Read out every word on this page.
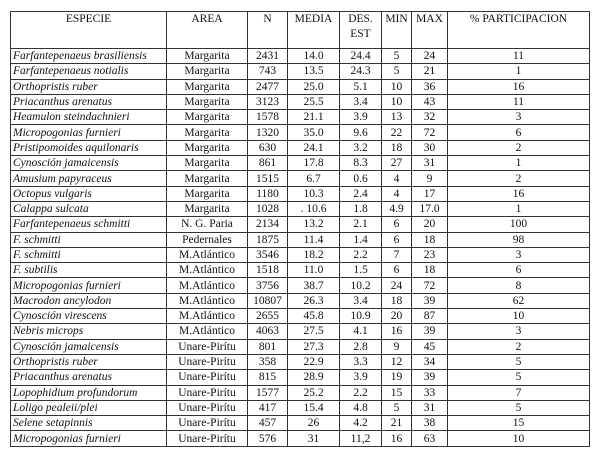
ESPECIE	AREA	N	MEDIA	DES. EST	MIN	MAX	% PARTICIPACION
Farfantepenaeus brasiliensis	Margarita	2431	14.0	24.4	5	24	11
Farfantepenaeus notialis	Margarita	743	13.5	24.3	5	21	1
Orthopristis ruber	Margarita	2477	25.0	5.1	10	36	16
Priacanthus arenatus	Margarita	3123	25.5	3.4	10	43	11
Heamulon steindachnieri	Margarita	1578	21.1	3.9	13	32	3
Micropogonias furnieri	Margarita	1320	35.0	9.6	22	72	6
Pristipomoides aquilonaris	Margarita	630	24.1	3.2	18	30	2
Cynosción jamaicensis	Margarita	861	17.8	8.3	27	31	1
Amusium papyraceus	Margarita	1515	6.7	0.6	4	9	2
Octopus vulgaris	Margarita	1180	10.3	2.4	4	17	16
Calappa sulcata	Margarita	1028	. 10.6	1.8	4.9	17.0	1
Farfantepenaeus schmitti	N. G. Paria	2134	13.2	2.1	6	20	100
F. schmitti	Pedernales	1875	11.4	1.4	6	18	98
F. schmitti	M.Atlántico	3546	18.2	2.2	7	23	3
F. subtilis	M.Atlántico	1518	11.0	1.5	6	18	6
Micropogonias furnieri	M.Atlántico	3756	38.7	10.2	24	72	8
Macrodon ancylodon	M.Atlántico	10807	26.3	3.4	18	39	62
Cynosción virescens	M.Atlántico	2655	45.8	10.9	20	87	10
Nebris microps	M.Atlántico	4063	27.5	4.1	16	39	3
Cynosción jamaicensis	Unare-Pirítu	801	27.3	2.8	9	45	2
Orthopristis ruber	Unare-Pirítu	358	22.9	3.3	12	34	5
Priacanthus arenatus	Unare-Pirítu	815	28.9	3.9	19	39	5
Lopophidium profundorum	Unare-Pirítu	1577	25.2	2.2	15	33	7
Loligo pealeii/plei	Unare-Pirítu	417	15.4	4.8	5	31	5
Selene setapinnis	Unare-Pirítu	457	26	4.2	21	38	15
Micropogonias furnieri	Unare-Pirítu	576	31	11,2	16	63	10
